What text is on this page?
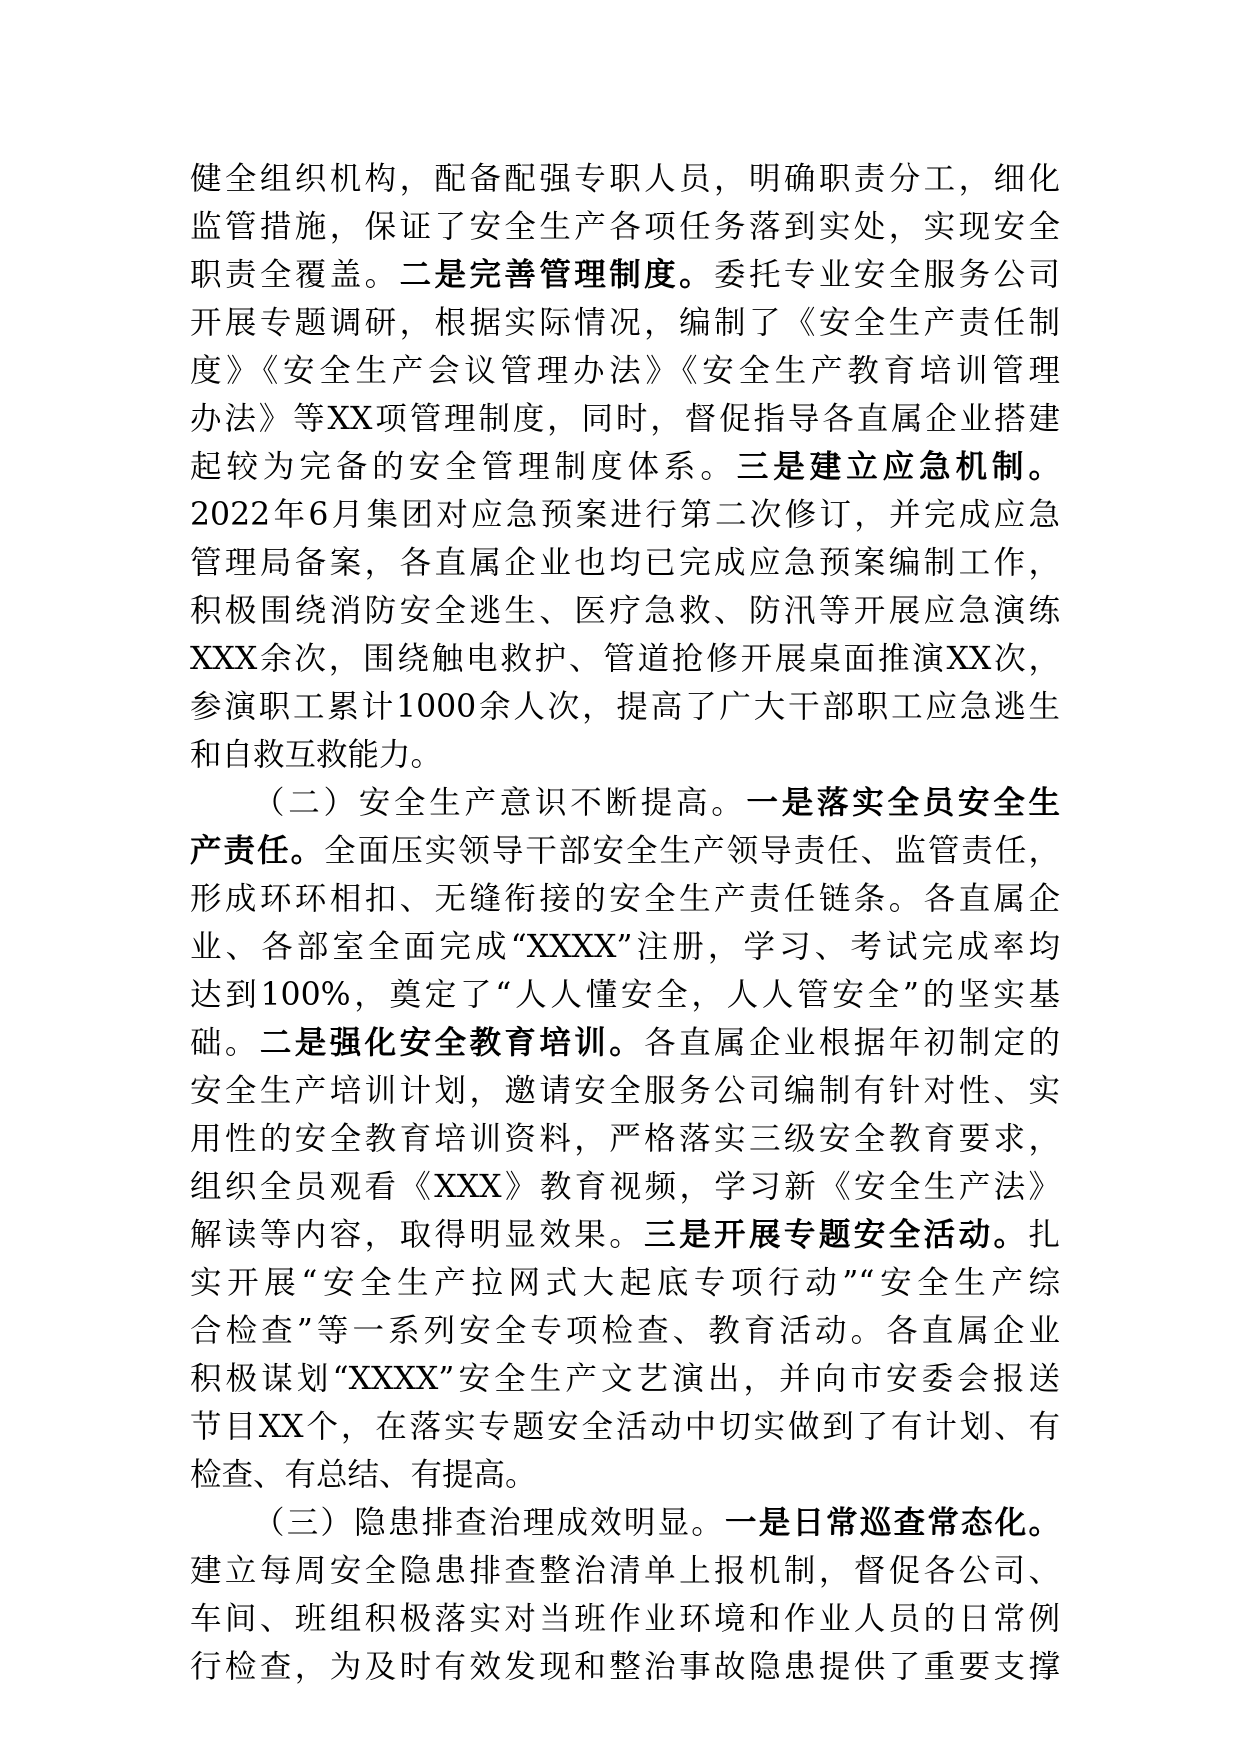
健全组织机构，配备配强专职人员，明确职责分工，细化
监管措施，保证了安全生产各项任务落到实处，实现安全
职责全覆盖。二是完善管理制度。委托专业安全服务公司
开展专题调研，根据实际情况，编制了《安全生产责任制
度》《安全生产会议管理办法》《安全生产教育培训管理
办法》等XX项管理制度，同时，督促指导各直属企业搭建
起较为完备的安全管理制度体系。三是建立应急机制。
2022年6月集团对应急预案进行第二次修订，并完成应急
管理局备案，各直属企业也均已完成应急预案编制工作，
积极围绕消防安全逃生、医疗急救、防汛等开展应急演练
XXX余次，围绕触电救护、管道抢修开展桌面推演XX次，
参演职工累计1000余人次，提高了广大干部职工应急逃生
和自救互救能力。
（二）安全生产意识不断提高。一是落实全员安全生
产责任。全面压实领导干部安全生产领导责任、监管责任，
形成环环相扣、无缝衔接的安全生产责任链条。各直属企
业、各部室全面完成“XXXX”注册，学习、考试完成率均
达到100%，奠定了“人人懂安全，人人管安全”的坚实基
础。二是强化安全教育培训。各直属企业根据年初制定的
安全生产培训计划，邀请安全服务公司编制有针对性、实
用性的安全教育培训资料，严格落实三级安全教育要求，
组织全员观看《XXX》教育视频，学习新《安全生产法》
解读等内容，取得明显效果。三是开展专题安全活动。扎
实开展“安全生产拉网式大起底专项行动”“安全生产综
合检查”等一系列安全专项检查、教育活动。各直属企业
积极谋划“XXXX”安全生产文艺演出，并向市安委会报送
节目XX个，在落实专题安全活动中切实做到了有计划、有
检查、有总结、有提高。
（三）隐患排查治理成效明显。一是日常巡查常态化。
建立每周安全隐患排查整治清单上报机制，督促各公司、
车间、班组积极落实对当班作业环境和作业人员的日常例
行检查，为及时有效发现和整治事故隐患提供了重要支撑
